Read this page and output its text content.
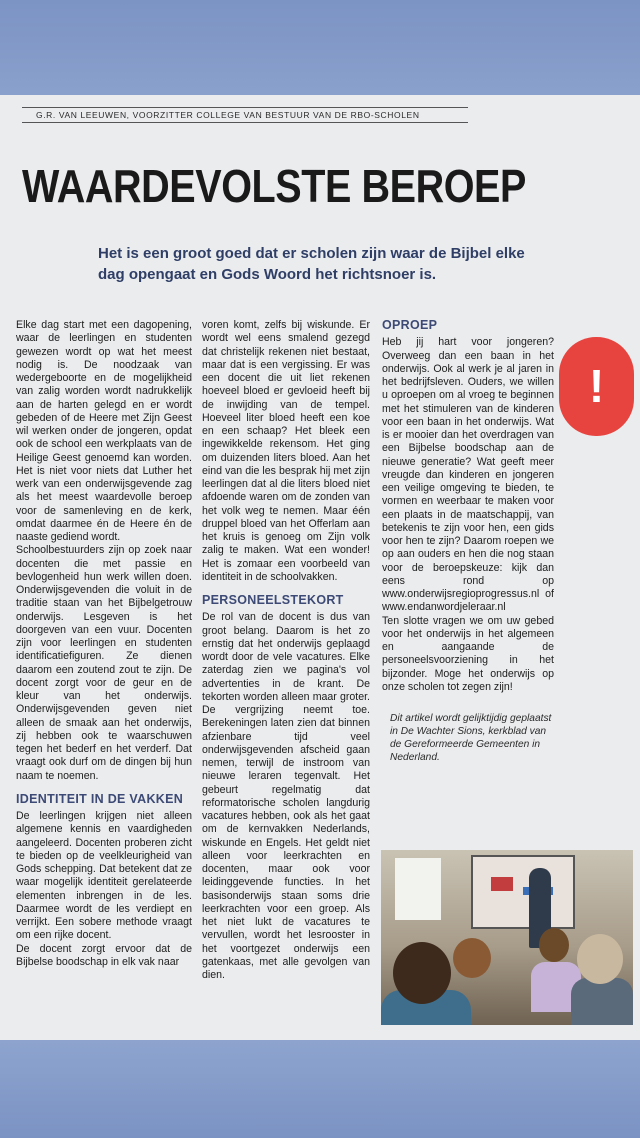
G.R. VAN LEEUWEN, VOORZITTER COLLEGE VAN BESTUUR VAN DE RBO-SCHOLEN
WAARDEVOLSTE BEROEP
Het is een groot goed dat er scholen zijn waar de Bijbel elke dag opengaat en Gods Woord het richtsnoer is.

Elke dag start met een dagopening, waar de leerlingen en studenten gewezen wordt op wat het meest nodig is. De noodzaak van wedergeboorte en de mogelijkheid van zalig worden wordt nadrukkelijk aan de harten gelegd en er wordt gebeden of de Heere met Zijn Geest wil werken onder de jongeren, opdat ook de school een werkplaats van de Heilige Geest genoemd kan worden. Het is niet voor niets dat Luther het werk van een onderwijsgevende zag als het meest waardevolle beroep voor de samenleving en de kerk, omdat daarmee én de Heere én de naaste gediend wordt.

Schoolbestuurders zijn op zoek naar docenten die met passie en bevlogenheid hun werk willen doen. Onderwijsgevenden die voluit in de traditie staan van het Bijbelgetrouw onderwijs. Lesgeven is het doorgeven van een vuur. Docenten zijn voor leerlingen en studenten identificatiefiguren. Ze dienen daarom een zoutend zout te zijn. De docent zorgt voor de geur en de kleur van het onderwijs. Onderwijsgevenden geven niet alleen de smaak aan het onderwijs, zij hebben ook te waarschuwen tegen het bederf en het verderf. Dat vraagt ook durf om de dingen bij hun naam te noemen.

IDENTITEIT IN DE VAKKEN

De leerlingen krijgen niet alleen algemene kennis en vaardigheden aangeleerd. Docenten proberen zicht te bieden op de veelkleurigheid van Gods schepping. Dat betekent dat ze waar mogelijk identiteit gerelateerde elementen inbrengen in de les. Daarmee wordt de les verdiept en verrijkt. Een sobere methode vraagt om een rijke docent.

De docent zorgt ervoor dat de Bijbelse boodschap in elk vak naar

voren komt, zelfs bij wiskunde. Er wordt wel eens smalend gezegd dat christelijk rekenen niet bestaat, maar dat is een vergissing. Er was een docent die uit liet rekenen hoeveel bloed er gevloeid heeft bij de inwijding van de tempel. Hoeveel liter bloed heeft een koe en een schaap? Het bleek een ingewikkelde rekensom. Het ging om duizenden liters bloed. Aan het eind van die les besprak hij met zijn leerlingen dat al die liters bloed niet afdoende waren om de zonden van het volk weg te nemen. Maar één druppel bloed van het Offerlam aan het kruis is genoeg om Zijn volk zalig te maken. Wat een wonder! Het is zomaar een voorbeeld van identiteit in de schoolvakken.

PERSONEELSTEKORT

De rol van de docent is dus van groot belang. Daarom is het zo ernstig dat het onderwijs geplaagd wordt door de vele vacatures. Elke zaterdag zien we pagina's vol advertenties in de krant. De tekorten worden alleen maar groter. De vergrijzing neemt toe. Berekeningen laten zien dat binnen afzienbare tijd veel onderwijsgevenden afscheid gaan nemen, terwijl de instroom van nieuwe leraren tegenvalt. Het gebeurt regelmatig dat reformatorische scholen langdurig vacatures hebben, ook als het gaat om de kernvakken Nederlands, wiskunde en Engels. Het geldt niet alleen voor leerkrachten en docenten, maar ook voor leidinggevende functies. In het basisonderwijs staan soms drie leerkrachten voor een groep. Als het niet lukt de vacatures te vervullen, wordt het lesrooster in het voortgezet onderwijs een gatenkaas, met alle gevolgen van dien.

OPROEP

Heb jij hart voor jongeren? Overweeg dan een baan in het onderwijs. Ook al werk je al jaren in het bedrijfsleven. Ouders, we willen u oproepen om al vroeg te beginnen met het stimuleren van de kinderen voor een baan in het onderwijs. Wat is er mooier dan het overdragen van een Bijbelse boodschap aan de nieuwe generatie? Wat geeft meer vreugde dan kinderen en jongeren een veilige omgeving te bieden, te vormen en weerbaar te maken voor een plaats in de maatschappij, van betekenis te zijn voor hen, een gids voor hen te zijn? Daarom roepen we op aan ouders en hen die nog staan voor de beroepskeuze: kijk dan eens rond op www.onderwijsregioprogressus.nl of www.endanwordjeleraar.nl

Ten slotte vragen we om uw gebed voor het onderwijs in het algemeen en aangaande de personeelsvoorziening in het bijzonder. Moge het onderwijs op onze scholen tot zegen zijn!

Dit artikel wordt gelijktijdig geplaatst in De Wachter Sions, kerkblad van de Gereformeerde Gemeenten in Nederland.
!
